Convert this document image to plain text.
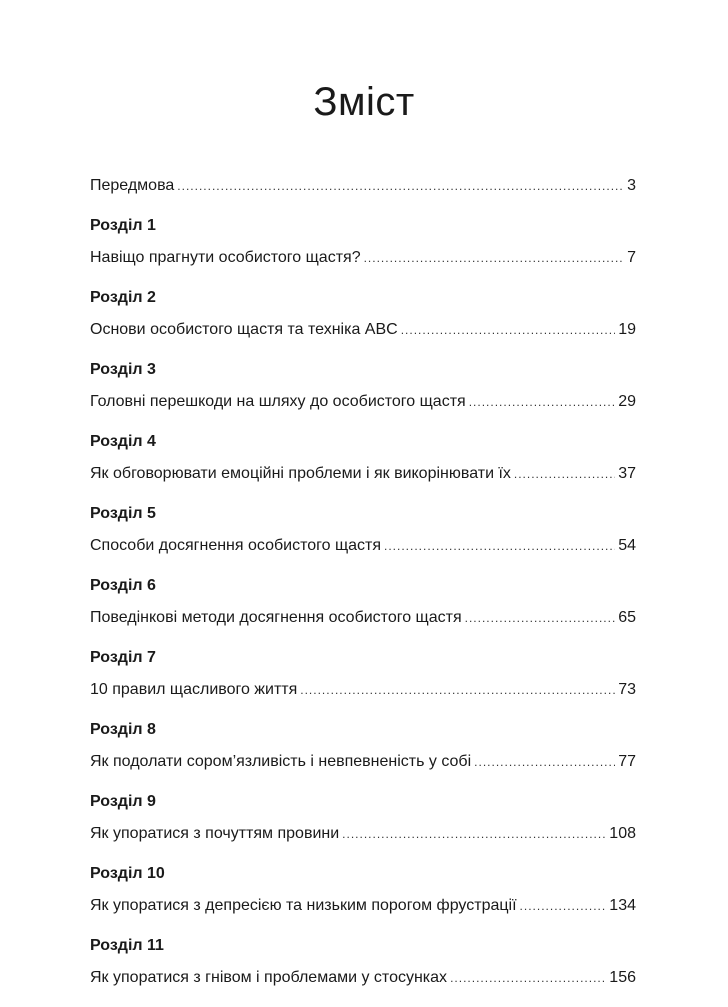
Зміст
Передмова .....	3
Розділ 1
Навіщо прагнути особистого щастя? .....	7
Розділ 2
Основи особистого щастя та техніка ABC .....	19
Розділ 3
Головні перешкоди на шляху до особистого щастя .....	29
Розділ 4
Як обговорювати емоційні проблеми і як викорінювати їх .....	37
Розділ 5
Способи досягнення особистого щастя .....	54
Розділ 6
Поведінкові методи досягнення особистого щастя .....	65
Розділ 7
10 правил щасливого життя .....	73
Розділ 8
Як подолати сором’язливість і невпевненість у собі .....	77
Розділ 9
Як упоратися з почуттям провини .....	108
Розділ 10
Як упоратися з депресією та низьким порогом фрустрації .....	134
Розділ 11
Як упоратися з гнівом і проблемами у стосунках .....	156
